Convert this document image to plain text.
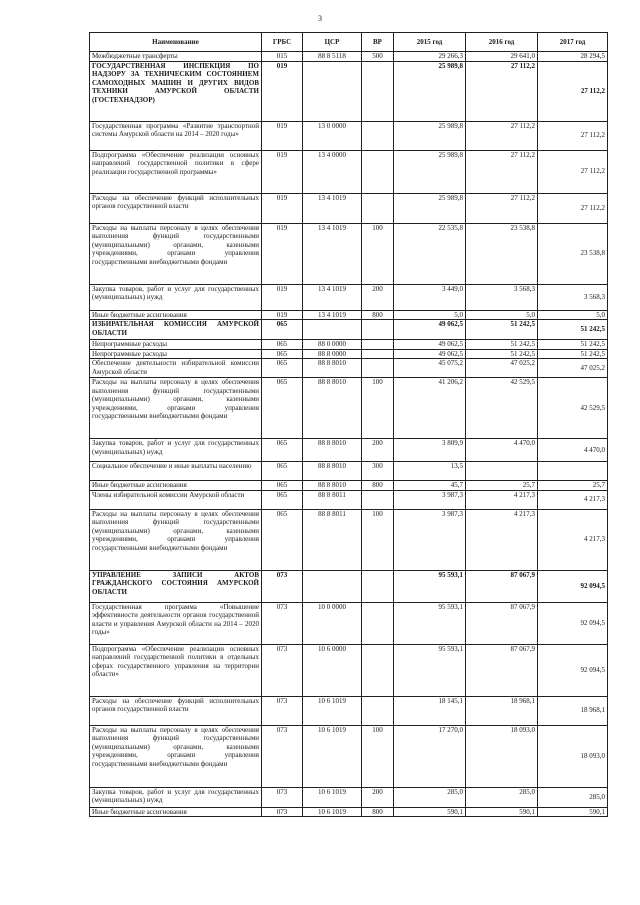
3
Наименование	ГРБС	ЦСР	ВР	2015 год	2016 год	2017 год
Межбюджетные трансферты	015	88 8 5118	500	29 266,3	29 641,0	28 294,5
ГОСУДАРСТВЕННАЯ ИНСПЕКЦИЯ ПО НАДЗОРУ ЗА ТЕХНИЧЕСКИМ СОСТОЯНИЕМ САМОХОДНЫХ МАШИН И ДРУГИХ ВИДОВ ТЕХНИКИ АМУРСКОЙ ОБЛАСТИ (ГОСТЕХНАДЗОР)	019			25 989,8	27 112,2	27 112,2
Государственная программа «Развитие транспортной системы Амурской области на 2014 – 2020 годы»	019	13 0 0000		25 989,8	27 112,2	27 112,2
Подпрограмма «Обеспечение реализации основных направлений государственной политики в сфере реализации государственной программы»	019	13 4 0000		25 989,8	27 112,2	27 112,2
Расходы на обеспечение функций исполнительных органов государственной власти	019	13 4 1019		25 989,8	27 112,2	27 112,2
Расходы на выплаты персоналу в целях обеспечения выполнения функций государственными (муниципальными) органами, казенными учреждениями, органами управления государственными внебюджетными фондами	019	13 4 1019	100	22 535,8	23 538,8	23 538,8
Закупка товаров, работ и услуг для государственных (муниципальных) нужд	019	13 4 1019	200	3 449,0	3 568,3	3 568,3
Иные бюджетные ассигнования	019	13 4 1019	800	5,0	5,0	5,0
ИЗБИРАТЕЛЬНАЯ КОМИССИЯ АМУРСКОЙ ОБЛАСТИ	065			49 062,5	51 242,5	51 242,5
Непрограммные расходы	065	88 0 0000		49 062,5	51 242,5	51 242,5
Непрограммные расходы	065	88 8 0000		49 062,5	51 242,5	51 242,5
Обеспечение деятельности избирательной комиссии Амурской области	065	88 8 8010		45 075,2	47 025,2	47 025,2
Расходы на выплаты персоналу в целях обеспечения выполнения функций государственными (муниципальными) органами, казенными учреждениями, органами управления государственными внебюджетными фондами	065	88 8 8010	100	41 206,2	42 529,5	42 529,5
Закупка товаров, работ и услуг для государственных (муниципальных) нужд	065	88 8 8010	200	3 809,9	4 470,0	4 470,0
Социальное обеспечение и иные выплаты населению	065	88 8 8010	300	13,5		
Иные бюджетные ассигнования	065	88 8 8010	800	45,7	25,7	25,7
Члены избирательной комиссии Амурской области	065	88 8 8011		3 987,3	4 217,3	4 217,3
Расходы на выплаты персоналу в целях обеспечения выполнения функций государственными (муниципальными) органами, казенными учреждениями, органами управления государственными внебюджетными фондами	065	88 8 8011	100	3 987,3	4 217,3	4 217,3
УПРАВЛЕНИЕ ЗАПИСИ АКТОВ ГРАЖДАНСКОГО СОСТОЯНИЯ АМУРСКОЙ ОБЛАСТИ	073			95 593,1	87 067,9	92 094,5
Государственная программа «Повышение эффективности деятельности органов государственной власти и управления Амурской области на 2014 – 2020 годы»	073	10 0 0000		95 593,1	87 067,9	92 094,5
Подпрограмма «Обеспечение реализации основных направлений государственной политики в отдельных сферах государственного управления на территории области»	073	10 6 0000		95 593,1	87 067,9	92 094,5
Расходы на обеспечение функций исполнительных органов государственной власти	073	10 6 1019		18 145,1	18 968,1	18 968,1
Расходы на выплаты персоналу в целях обеспечения выполнения функций государственными (муниципальными) органами, казенными учреждениями, органами управления государственными внебюджетными фондами	073	10 6 1019	100	17 270,0	18 093,0	18 093,0
Закупка товаров, работ и услуг для государственных (муниципальных) нужд	073	10 6 1019	200	285,0	285,0	285,0
Иные бюджетные ассигнования	073	10 6 1019	800	590,1	590,1	590,1
